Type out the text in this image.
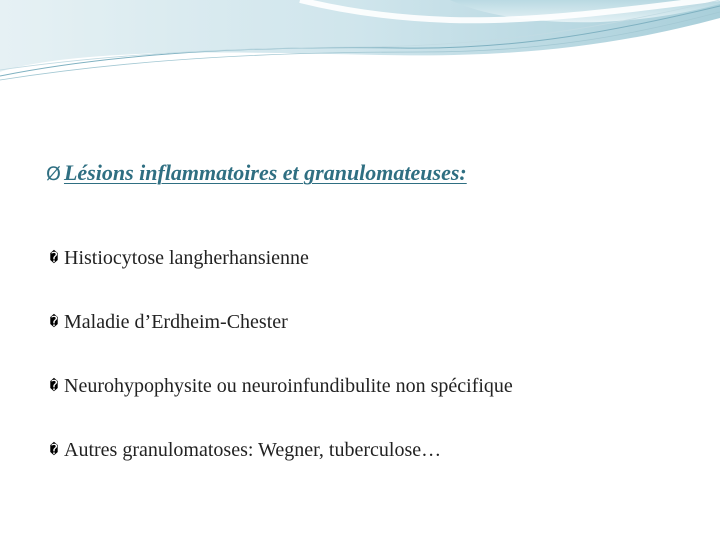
Ø Lésions inflammatoires et granulomateuses:
� Histiocytose langherhansienne
� Maladie d’Erdheim-Chester
� Neurohypophysite ou neuroinfundibulite non spécifique
� Autres granulomatoses: Wegner, tuberculose…
